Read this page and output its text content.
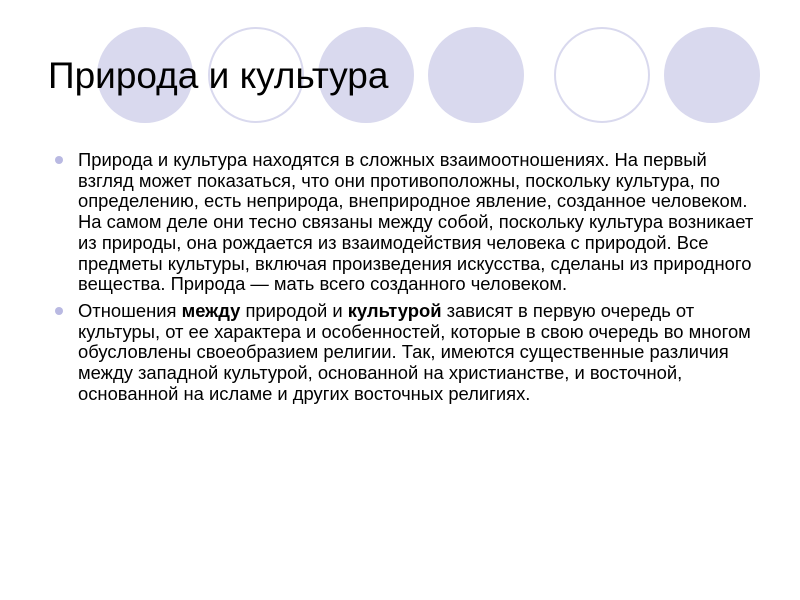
Природа и культура
Природа и культура находятся в сложных взаимоотношениях. На первый взгляд может показаться, что они противоположны, поскольку культура, по определению, есть неприрода, внеприродное явление, созданное человеком. На самом деле они тесно связаны между собой, поскольку культура возникает из природы, она рождается из взаимодействия человека с природой. Все предметы культуры, включая произведения искусства, сделаны из природного вещества. Природа — мать всего созданного человеком.
Отношения между природой и культурой зависят в первую очередь от культуры, от ее характера и особенностей, которые в свою очередь во многом обусловлены своеобразием религии. Так, имеются существенные различия между западной культурой, основанной на христианстве, и восточной, основанной на исламе и других восточных религиях.
